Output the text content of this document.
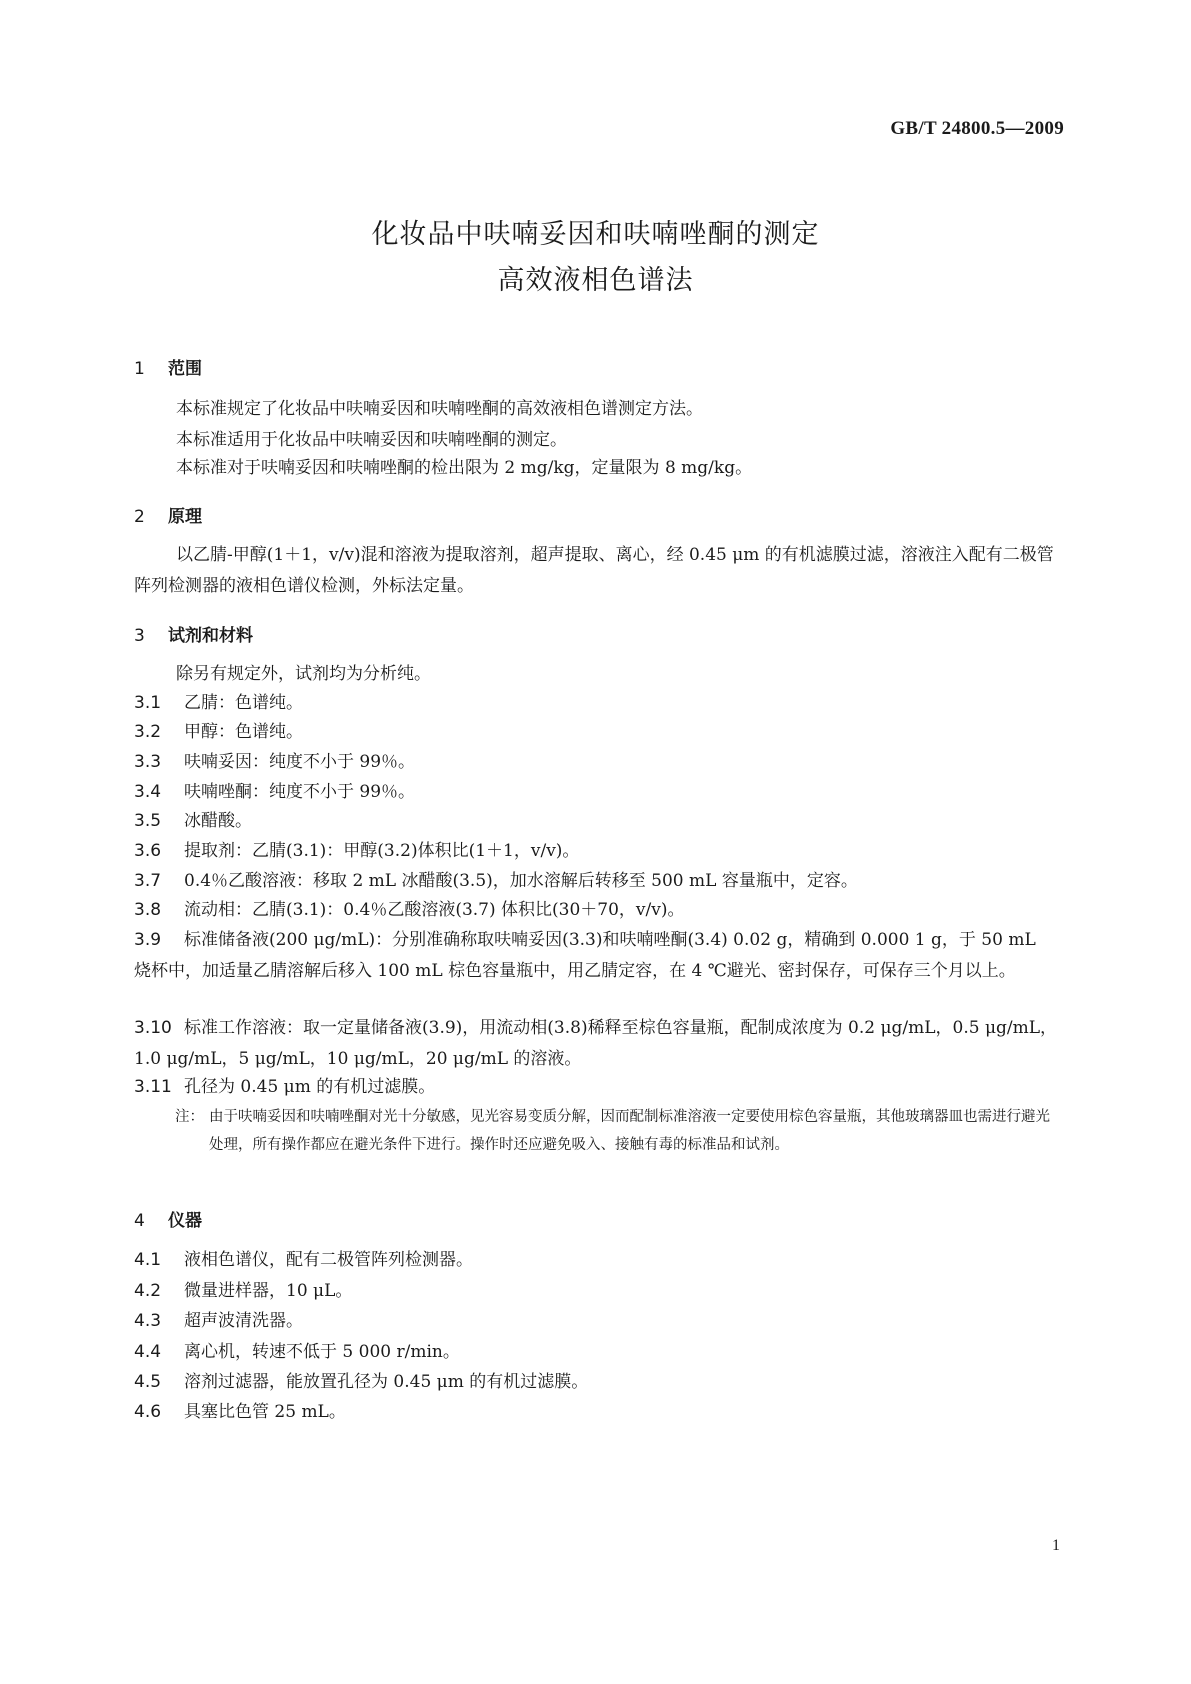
GB/T 24800.5—2009
化妆品中呋喃妥因和呋喃唑酮的测定
高效液相色谱法
1 范围
本标准规定了化妆品中呋喃妥因和呋喃唑酮的高效液相色谱测定方法。
本标准适用于化妆品中呋喃妥因和呋喃唑酮的测定。
本标准对于呋喃妥因和呋喃唑酮的检出限为 2 mg/kg，定量限为 8 mg/kg。
2 原理
以乙腈-甲醇(1＋1，v/v)混和溶液为提取溶剂，超声提取、离心，经 0.45 μm 的有机滤膜过滤，溶液注入配有二极管阵列检测器的液相色谱仪检测，外标法定量。
3 试剂和材料
除另有规定外，试剂均为分析纯。
3.1 乙腈：色谱纯。
3.2 甲醇：色谱纯。
3.3 呋喃妥因：纯度不小于 99％。
3.4 呋喃唑酮：纯度不小于 99％。
3.5 冰醋酸。
3.6 提取剂：乙腈(3.1)：甲醇(3.2)体积比(1＋1，v/v)。
3.7 0.4％乙酸溶液：移取 2 mL 冰醋酸(3.5)，加水溶解后转移至 500 mL 容量瓶中，定容。
3.8 流动相：乙腈(3.1)：0.4％乙酸溶液(3.7) 体积比(30＋70，v/v)。
3.9 标准储备液(200 μg/mL)：分别准确称取呋喃妥因(3.3)和呋喃唑酮(3.4) 0.02 g，精确到 0.000 1 g，于 50 mL 烧杯中，加适量乙腈溶解后移入 100 mL 棕色容量瓶中，用乙腈定容，在 4 ℃避光、密封保存，可保存三个月以上。
3.10 标准工作溶液：取一定量储备液(3.9)，用流动相(3.8)稀释至棕色容量瓶，配制成浓度为 0.2 μg/mL，0.5 μg/mL，1.0 μg/mL，5 μg/mL，10 μg/mL，20 μg/mL 的溶液。
3.11 孔径为 0.45 μm 的有机过滤膜。
注： 由于呋喃妥因和呋喃唑酮对光十分敏感，见光容易变质分解，因而配制标准溶液一定要使用棕色容量瓶，其他玻璃器皿也需进行避光处理，所有操作都应在避光条件下进行。操作时还应避免吸入、接触有毒的标准品和试剂。
4 仪器
4.1 液相色谱仪，配有二极管阵列检测器。
4.2 微量进样器，10 μL。
4.3 超声波清洗器。
4.4 离心机，转速不低于 5 000 r/min。
4.5 溶剂过滤器，能放置孔径为 0.45 μm 的有机过滤膜。
4.6 具塞比色管 25 mL。
1
